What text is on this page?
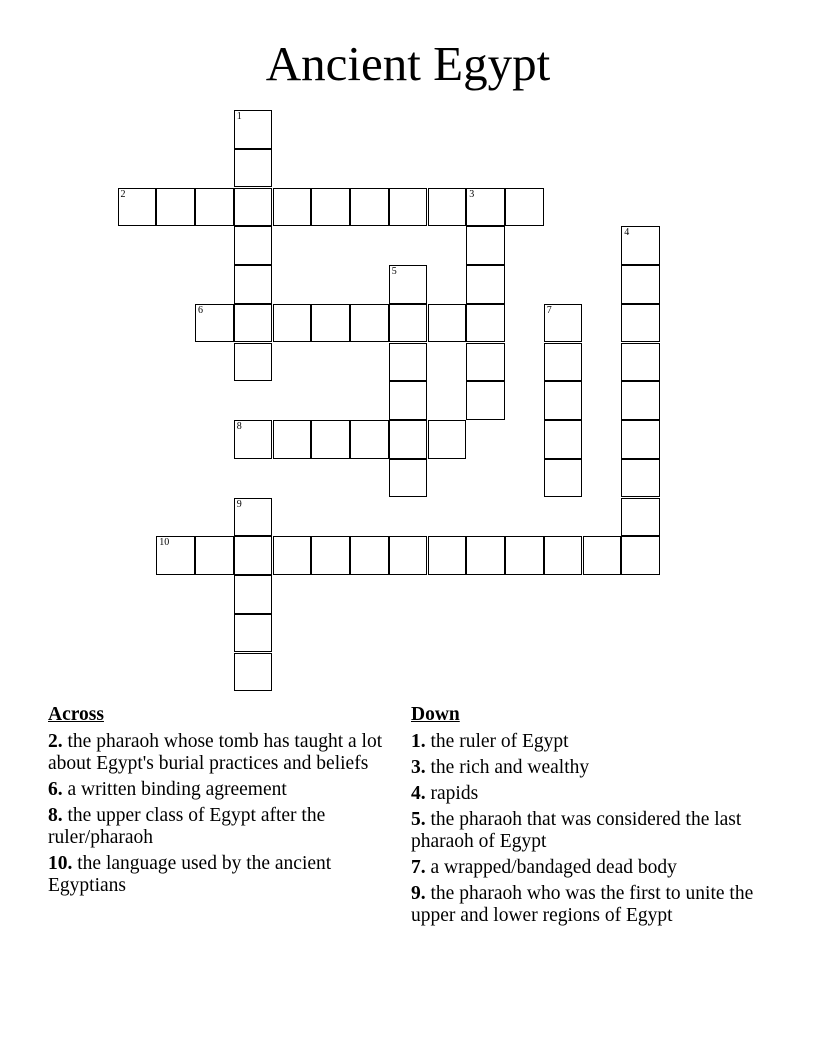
Ancient Egypt
2	3
6
8
10
1
4
5
7
9
Across
2. the pharaoh whose tomb has taught a lot about Egypt's burial practices and beliefs
6. a written binding agreement
8. the upper class of Egypt after the ruler/pharaoh
10. the language used by the ancient Egyptians
Down
1. the ruler of Egypt
3. the rich and wealthy
4. rapids
5. the pharaoh that was considered the last pharaoh of Egypt
7. a wrapped/bandaged dead body
9. the pharaoh who was the first to unite the upper and lower regions of Egypt
